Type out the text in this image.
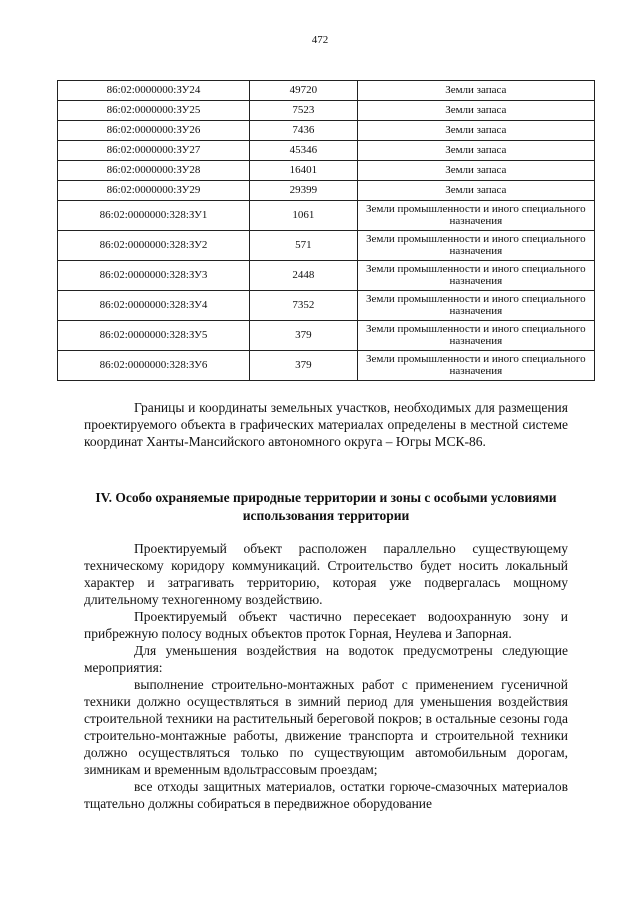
472
86:02:0000000:ЗУ24	49720	Земли запаса
86:02:0000000:ЗУ25	7523	Земли запаса
86:02:0000000:ЗУ26	7436	Земли запаса
86:02:0000000:ЗУ27	45346	Земли запаса
86:02:0000000:ЗУ28	16401	Земли запаса
86:02:0000000:ЗУ29	29399	Земли запаса
86:02:0000000:328:ЗУ1	1061	Земли промышленности и иного специального назначения
86:02:0000000:328:ЗУ2	571	Земли промышленности и иного специального назначения
86:02:0000000:328:ЗУ3	2448	Земли промышленности и иного специального назначения
86:02:0000000:328:ЗУ4	7352	Земли промышленности и иного специального назначения
86:02:0000000:328:ЗУ5	379	Земли промышленности и иного специального назначения
86:02:0000000:328:ЗУ6	379	Земли промышленности и иного специального назначения

Границы и координаты земельных участков, необходимых для размещения проектируемого объекта в графических материалах определены в местной системе координат Ханты-Мансийского автономного округа – Югры МСК-86.

IV. Особо охраняемые природные территории и зоны с особыми условиями использования территории

Проектируемый объект расположен параллельно существующему техническому коридору коммуникаций. Строительство будет носить локальный характер и затрагивать территорию, которая уже подвергалась мощному длительному техногенному воздействию.

Проектируемый объект частично пересекает водоохранную зону и прибрежную полосу водных объектов проток Горная, Неулева и Запорная.

Для уменьшения воздействия на водоток предусмотрены следующие мероприятия:

выполнение строительно-монтажных работ с применением гусеничной техники должно осуществляться в зимний период для уменьшения воздействия строительной техники на растительный береговой покров; в остальные сезоны года строительно-монтажные работы, движение транспорта и строительной техники должно осуществляться только по существующим автомобильным дорогам, зимникам и временным вдольтрассовым проездам;

все отходы защитных материалов, остатки горюче-смазочных материалов тщательно должны собираться в передвижное оборудование
